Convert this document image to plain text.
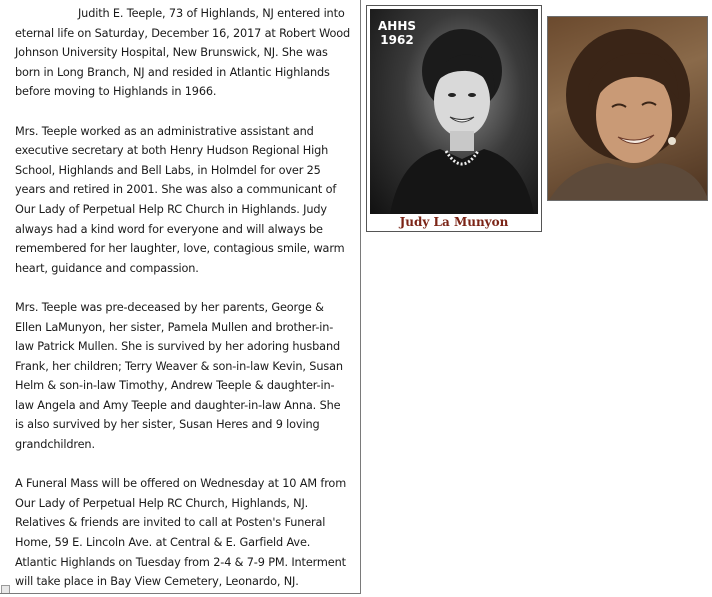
Judith E. Teeple, 73 of Highlands, NJ entered into eternal life on Saturday, December 16, 2017 at Robert Wood Johnson University Hospital, New Brunswick, NJ. She was born in Long Branch, NJ and resided in Atlantic Highlands before moving to Highlands in 1966.

Mrs. Teeple worked as an administrative assistant and executive secretary at both Henry Hudson Regional High School, Highlands and Bell Labs, in Holmdel for over 25 years and retired in 2001. She was also a communicant of Our Lady of Perpetual Help RC Church in Highlands. Judy always had a kind word for everyone and will always be remembered for her laughter, love, contagious smile, warm heart, guidance and compassion.

Mrs. Teeple was pre-deceased by her parents, George & Ellen LaMunyon, her sister, Pamela Mullen and brother-in-law Patrick Mullen. She is survived by her adoring husband Frank, her children; Terry Weaver & son-in-law Kevin, Susan Helm & son-in-law Timothy, Andrew Teeple & daughter-in-law Angela and Amy Teeple and daughter-in-law Anna. She is also survived by her sister, Susan Heres and 9 loving grandchildren.

A Funeral Mass will be offered on Wednesday at 10 AM from Our Lady of Perpetual Help RC Church, Highlands, NJ. Relatives & friends are invited to call at Posten's Funeral Home, 59 E. Lincoln Ave. at Central & E. Garfield Ave. Atlantic Highlands on Tuesday from 2-4 & 7-9 PM. Interment will take place in Bay View Cemetery, Leonardo, NJ.

AHHS
1962
Judy La Munyon
